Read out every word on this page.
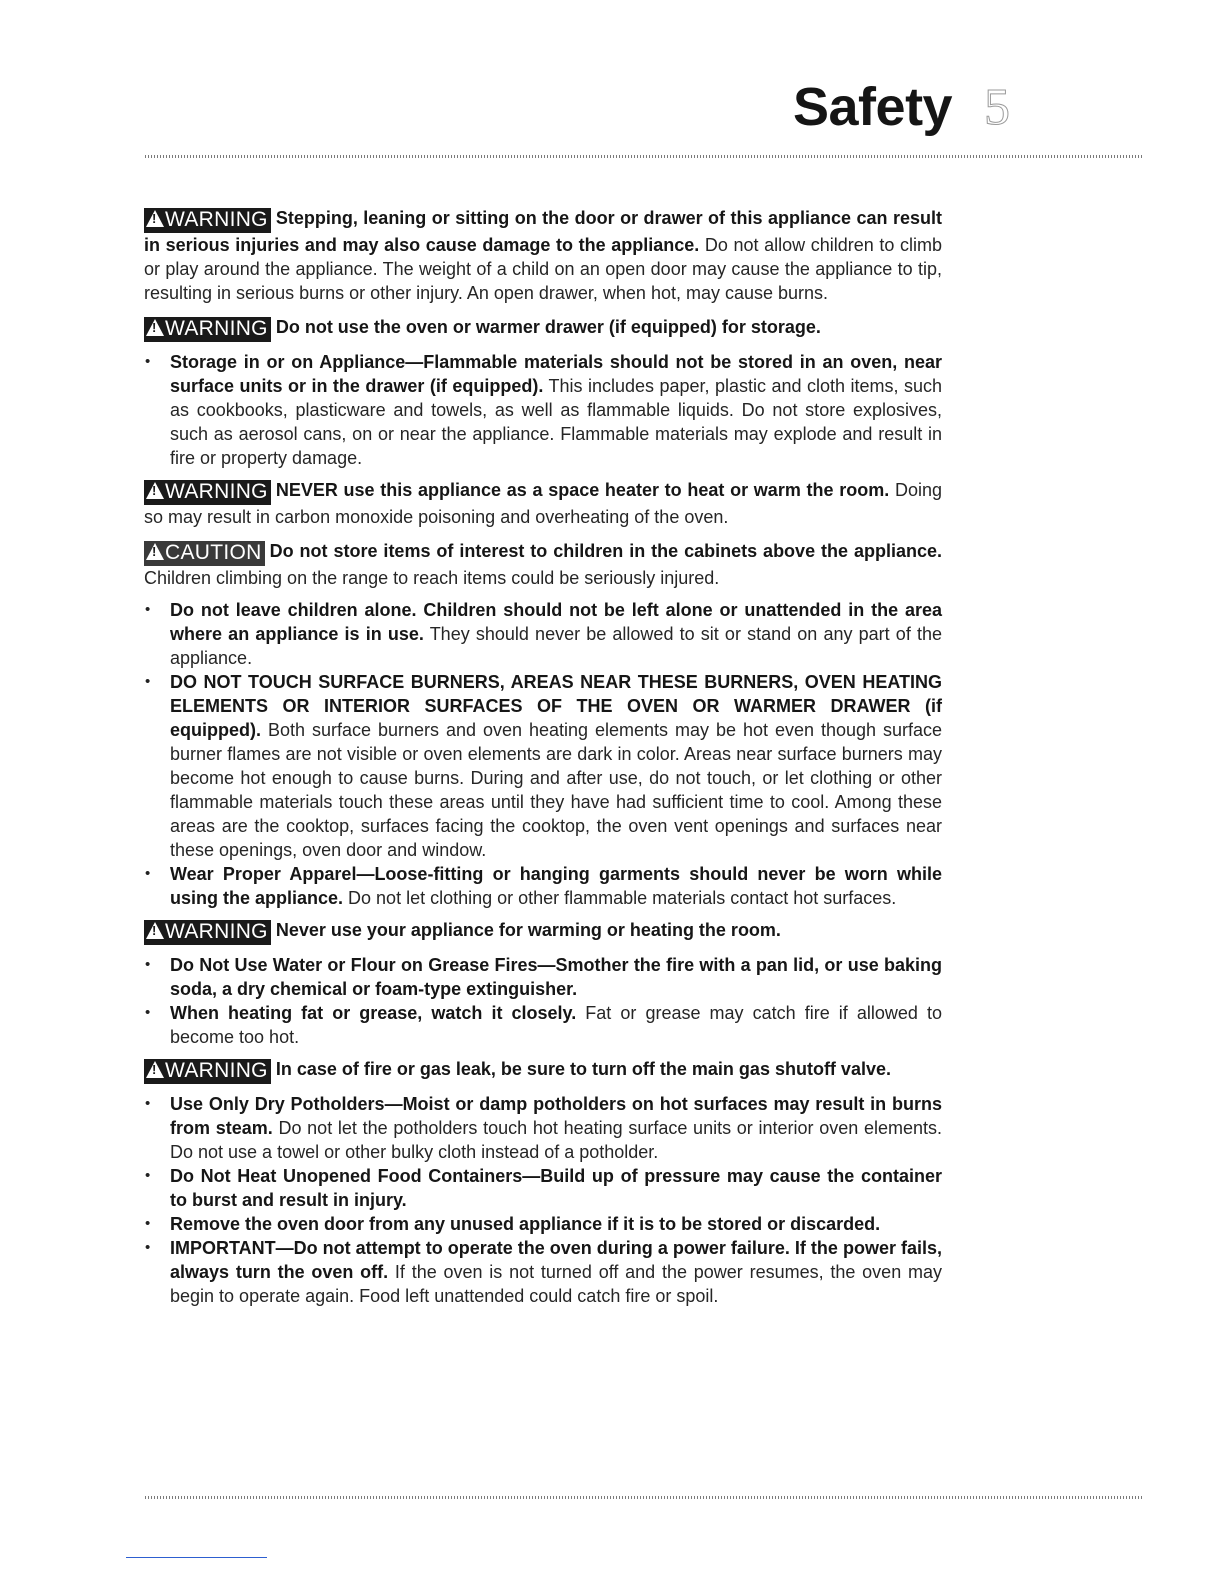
Safety 5

!WARNING Stepping, leaning or sitting on the door or drawer of this appliance can result in serious injuries and may also cause damage to the appliance. Do not allow children to climb or play around the appliance. The weight of a child on an open door may cause the appliance to tip, resulting in serious burns or other injury. An open drawer, when hot, may cause burns.

!WARNING Do not use the oven or warmer drawer (if equipped) for storage.

• Storage in or on Appliance—Flammable materials should not be stored in an oven, near surface units or in the drawer (if equipped). This includes paper, plastic and cloth items, such as cookbooks, plasticware and towels, as well as flammable liquids. Do not store explosives, such as aerosol cans, on or near the appliance. Flammable materials may explode and result in fire or property damage.

!WARNING NEVER use this appliance as a space heater to heat or warm the room. Doing so may result in carbon monoxide poisoning and overheating of the oven.

!CAUTION Do not store items of interest to children in the cabinets above the appliance. Children climbing on the range to reach items could be seriously injured.

• Do not leave children alone. Children should not be left alone or unattended in the area where an appliance is in use. They should never be allowed to sit or stand on any part of the appliance.
• DO NOT TOUCH SURFACE BURNERS, AREAS NEAR THESE BURNERS, OVEN HEATING ELEMENTS OR INTERIOR SURFACES OF THE OVEN OR WARMER DRAWER (if equipped). Both surface burners and oven heating elements may be hot even though surface burner flames are not visible or oven elements are dark in color. Areas near surface burners may become hot enough to cause burns. During and after use, do not touch, or let clothing or other flammable materials touch these areas until they have had sufficient time to cool. Among these areas are the cooktop, surfaces facing the cooktop, the oven vent openings and surfaces near these openings, oven door and window.
• Wear Proper Apparel—Loose-fitting or hanging garments should never be worn while using the appliance. Do not let clothing or other flammable materials contact hot surfaces.

!WARNING Never use your appliance for warming or heating the room.

• Do Not Use Water or Flour on Grease Fires—Smother the fire with a pan lid, or use baking soda, a dry chemical or foam-type extinguisher.
• When heating fat or grease, watch it closely. Fat or grease may catch fire if allowed to become too hot.

!WARNING In case of fire or gas leak, be sure to turn off the main gas shutoff valve.

• Use Only Dry Potholders—Moist or damp potholders on hot surfaces may result in burns from steam. Do not let the potholders touch hot heating surface units or interior oven elements. Do not use a towel or other bulky cloth instead of a potholder.
• Do Not Heat Unopened Food Containers—Build up of pressure may cause the container to burst and result in injury.
• Remove the oven door from any unused appliance if it is to be stored or discarded.
• IMPORTANT—Do not attempt to operate the oven during a power failure. If the power fails, always turn the oven off. If the oven is not turned off and the power resumes, the oven may begin to operate again. Food left unattended could catch fire or spoil.
